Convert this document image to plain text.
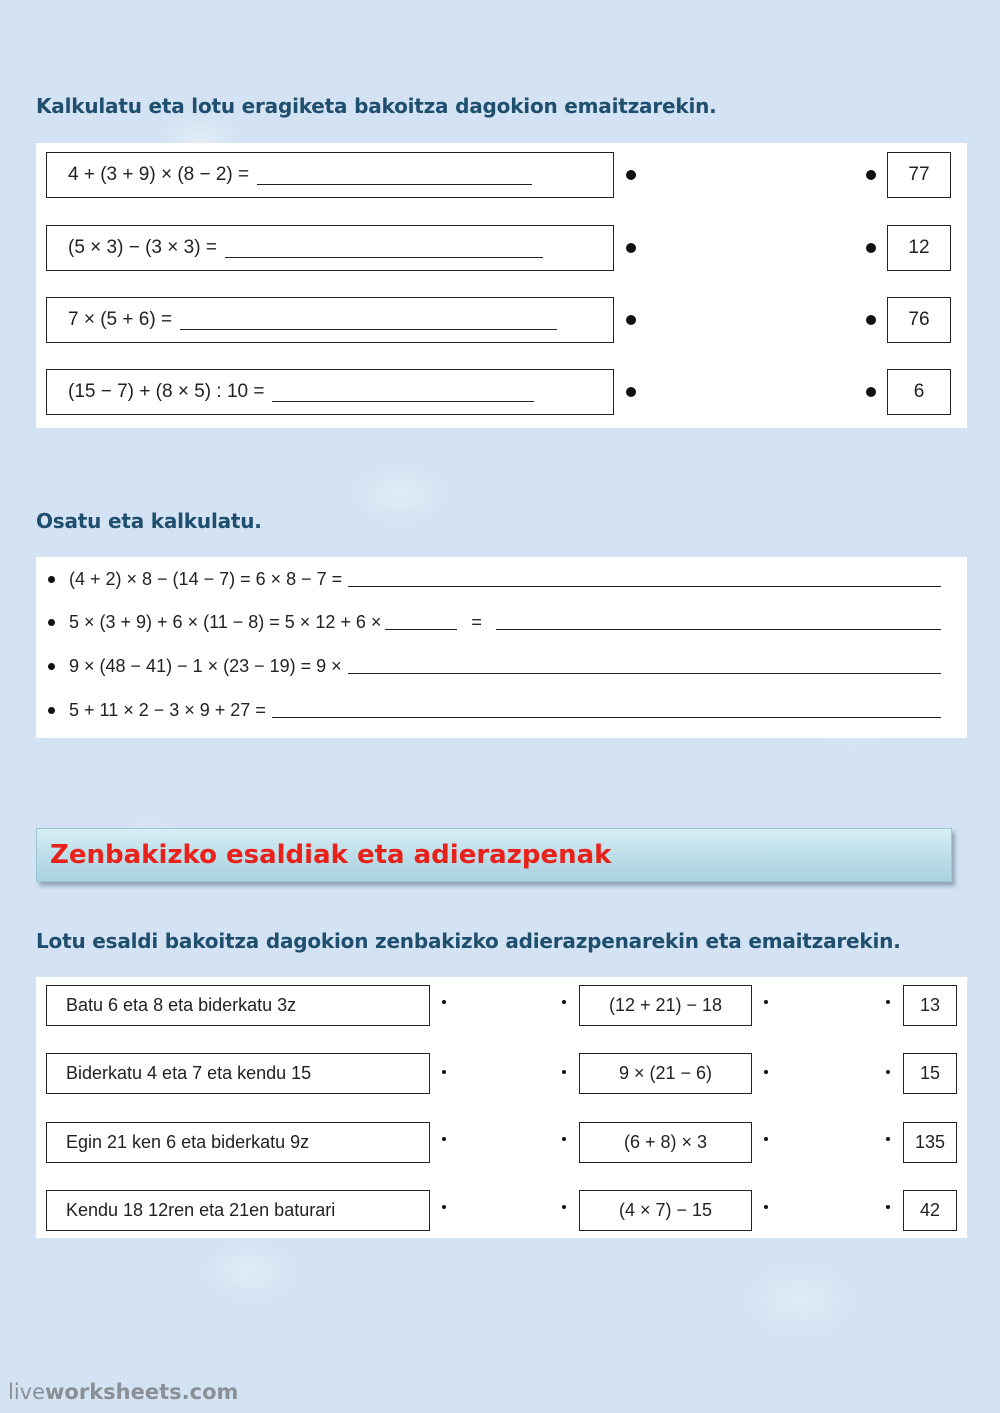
Kalkulatu eta lotu eragiketa bakoitza dagokion emaitzarekin.
4 + (3 + 9) × (8 − 2) =	77
(5 × 3) − (3 × 3) =	12
7 × (5 + 6) =	76
(15 − 7) + (8 × 5) : 10 =	6
Osatu eta kalkulatu.
(4 + 2) × 8 − (14 − 7) = 6 × 8 − 7 =
5 × (3 + 9) + 6 × (11 − 8) = 5 × 12 + 6 ×	=
9 × (48 − 41) − 1 × (23 − 19) = 9 ×
5 + 11 × 2 − 3 × 9 + 27 =
Zenbakizko esaldiak eta adierazpenak
Lotu esaldi bakoitza dagokion zenbakizko adierazpenarekin eta emaitzarekin.
Batu 6 eta 8 eta biderkatu 3z	(12 + 21) − 18	13
Biderkatu 4 eta 7 eta kendu 15	9 × (21 − 6)	15
Egin 21 ken 6 eta biderkatu 9z	(6 + 8) × 3	135
Kendu 18 12ren eta 21en baturari	(4 × 7) − 15	42
liveworksheets.com
